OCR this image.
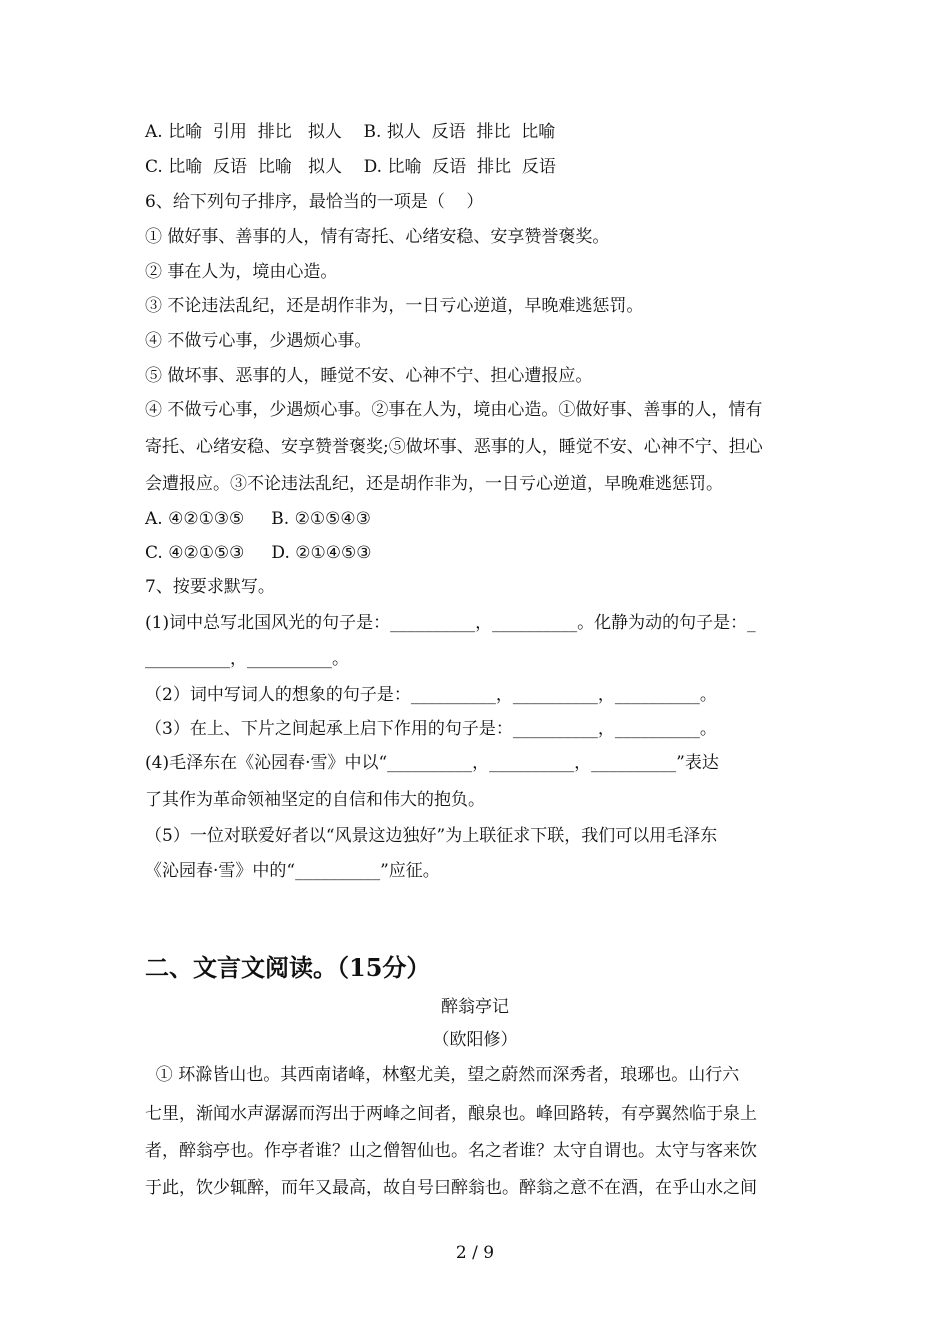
A. 比喻  引用  排比   拟人    B. 拟人  反语  排比  比喻
C. 比喻  反语  比喻   拟人    D. 比喻  反语  排比  反语
6、给下列句子排序，最恰当的一项是（    ）
① 做好事、善事的人，情有寄托、心绪安稳、安享赞誉褒奖。
② 事在人为，境由心造。
③ 不论违法乱纪，还是胡作非为，一日亏心逆道，早晚难逃惩罚。
④ 不做亏心事，少遇烦心事。
⑤ 做坏事、恶事的人，睡觉不安、心神不宁、担心遭报应。
④ 不做亏心事，少遇烦心事。②事在人为，境由心造。①做好事、善事的人，情有
寄托、心绪安稳、安享赞誉褒奖;⑤做坏事、恶事的人，睡觉不安、心神不宁、担心
会遭报应。③不论违法乱纪，还是胡作非为，一日亏心逆道，早晚难逃惩罚。
A. ④②①③⑤     B. ②①⑤④③
C. ④②①⑤③     D. ②①④⑤③
7、按要求默写。
(1)词中总写北国风光的句子是：__________，__________。化静为动的句子是：_
__________，__________。
（2）词中写词人的想象的句子是：__________，__________，__________。
（3）在上、下片之间起承上启下作用的句子是：__________，__________。
(4)毛泽东在《沁园春·雪》中以“__________，__________，__________”表达
了其作为革命领袖坚定的自信和伟大的抱负。
（5）一位对联爱好者以“风景这边独好”为上联征求下联，我们可以用毛泽东
《沁园春·雪》中的“__________”应征。
二、文言文阅读。（15分）
醉翁亭记
（欧阳修）
① 环滁皆山也。其西南诸峰，林壑尤美，望之蔚然而深秀者，琅琊也。山行六
七里，渐闻水声潺潺而泻出于两峰之间者，酿泉也。峰回路转，有亭翼然临于泉上
者，醉翁亭也。作亭者谁？山之僧智仙也。名之者谁？太守自谓也。太守与客来饮
于此，饮少辄醉，而年又最高，故自号曰醉翁也。醉翁之意不在酒，在乎山水之间
2 / 9
